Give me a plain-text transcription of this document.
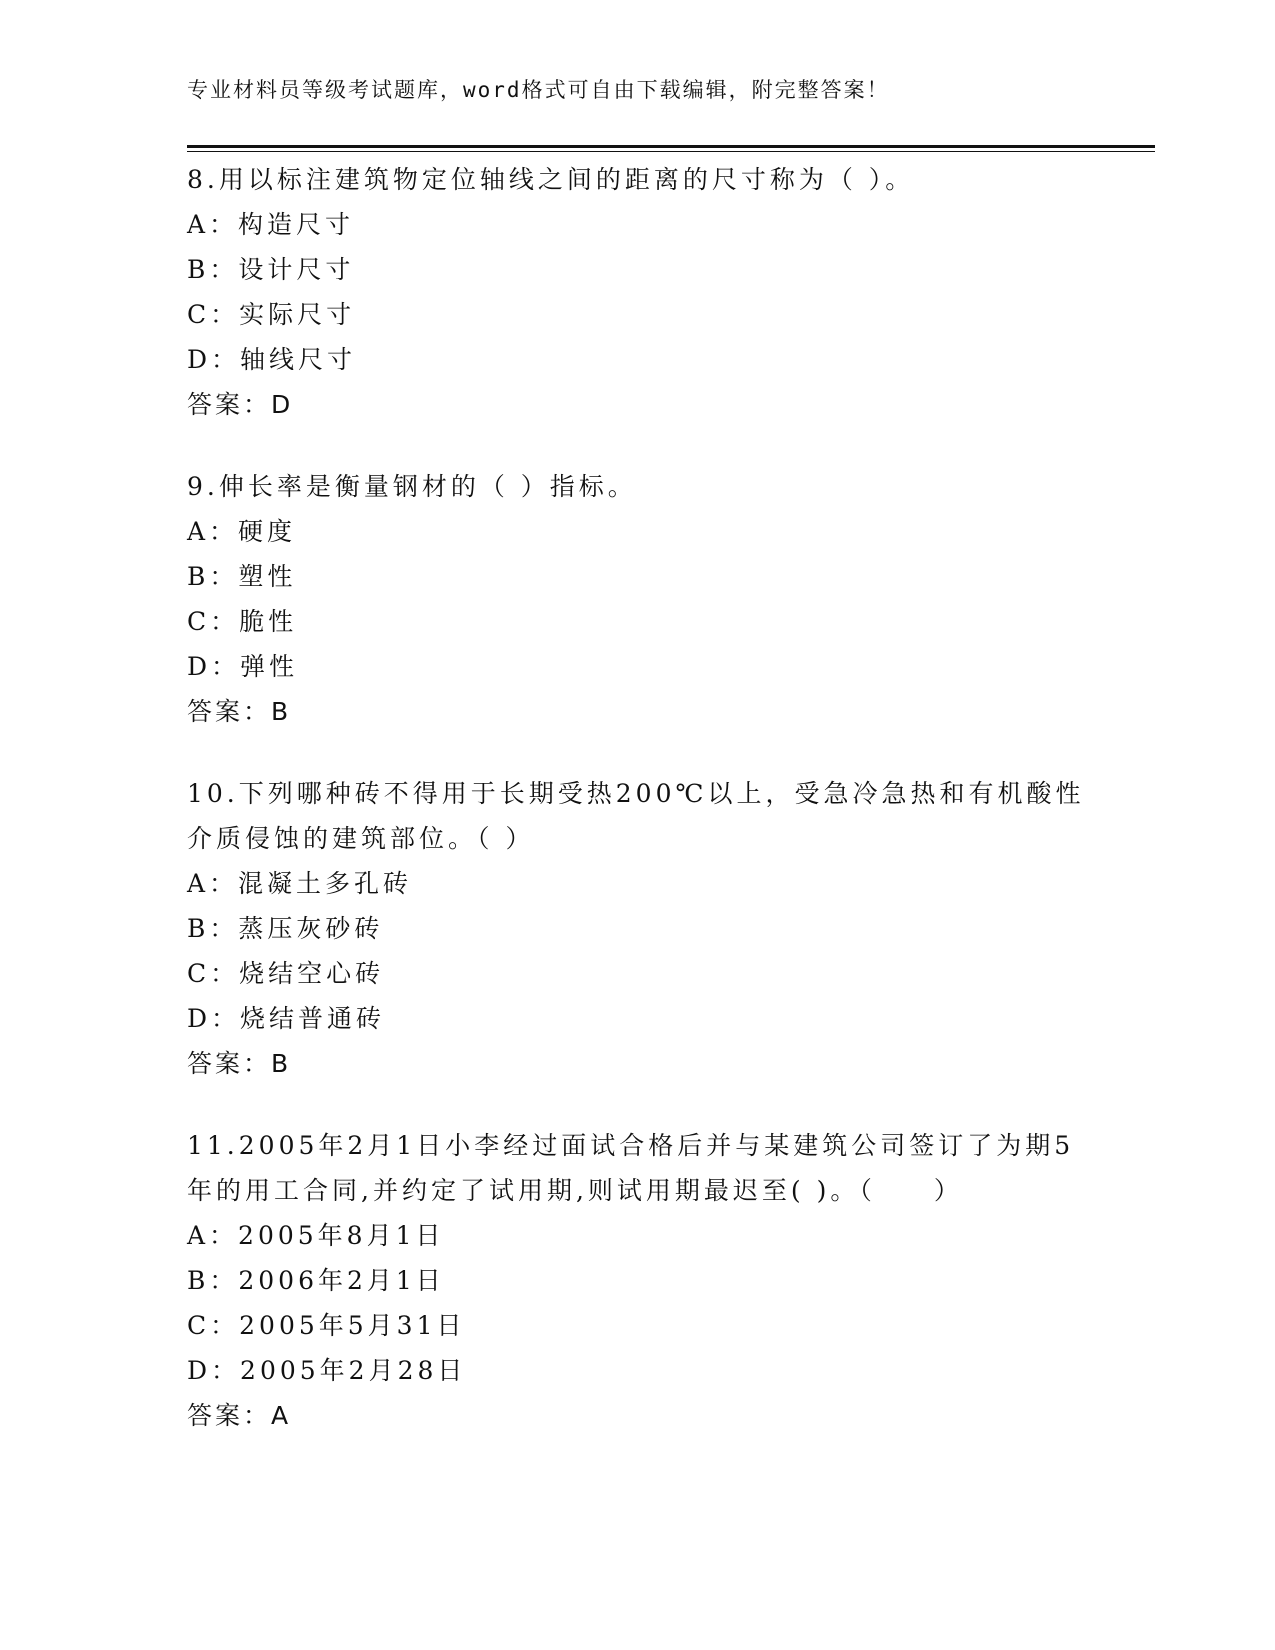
专业材料员等级考试题库，word格式可自由下载编辑，附完整答案！

8.用以标注建筑物定位轴线之间的距离的尺寸称为（ ）。

A：构造尺寸

B：设计尺寸

C：实际尺寸

D：轴线尺寸

答案：D

9.伸长率是衡量钢材的（ ）指标。

A：硬度

B：塑性

C：脆性

D：弹性

答案：B

10.下列哪种砖不得用于长期受热200℃以上，受急冷急热和有机酸性介质侵蚀的建筑部位。（ ）

A：混凝土多孔砖

B：蒸压灰砂砖

C：烧结空心砖

D：烧结普通砖

答案：B

11.2005年2月1日小李经过面试合格后并与某建筑公司签订了为期5年的用工合同,并约定了试用期,则试用期最迟至( )。（　　）

A：2005年8月1日

B：2006年2月1日

C：2005年5月31日

D：2005年2月28日

答案：A
